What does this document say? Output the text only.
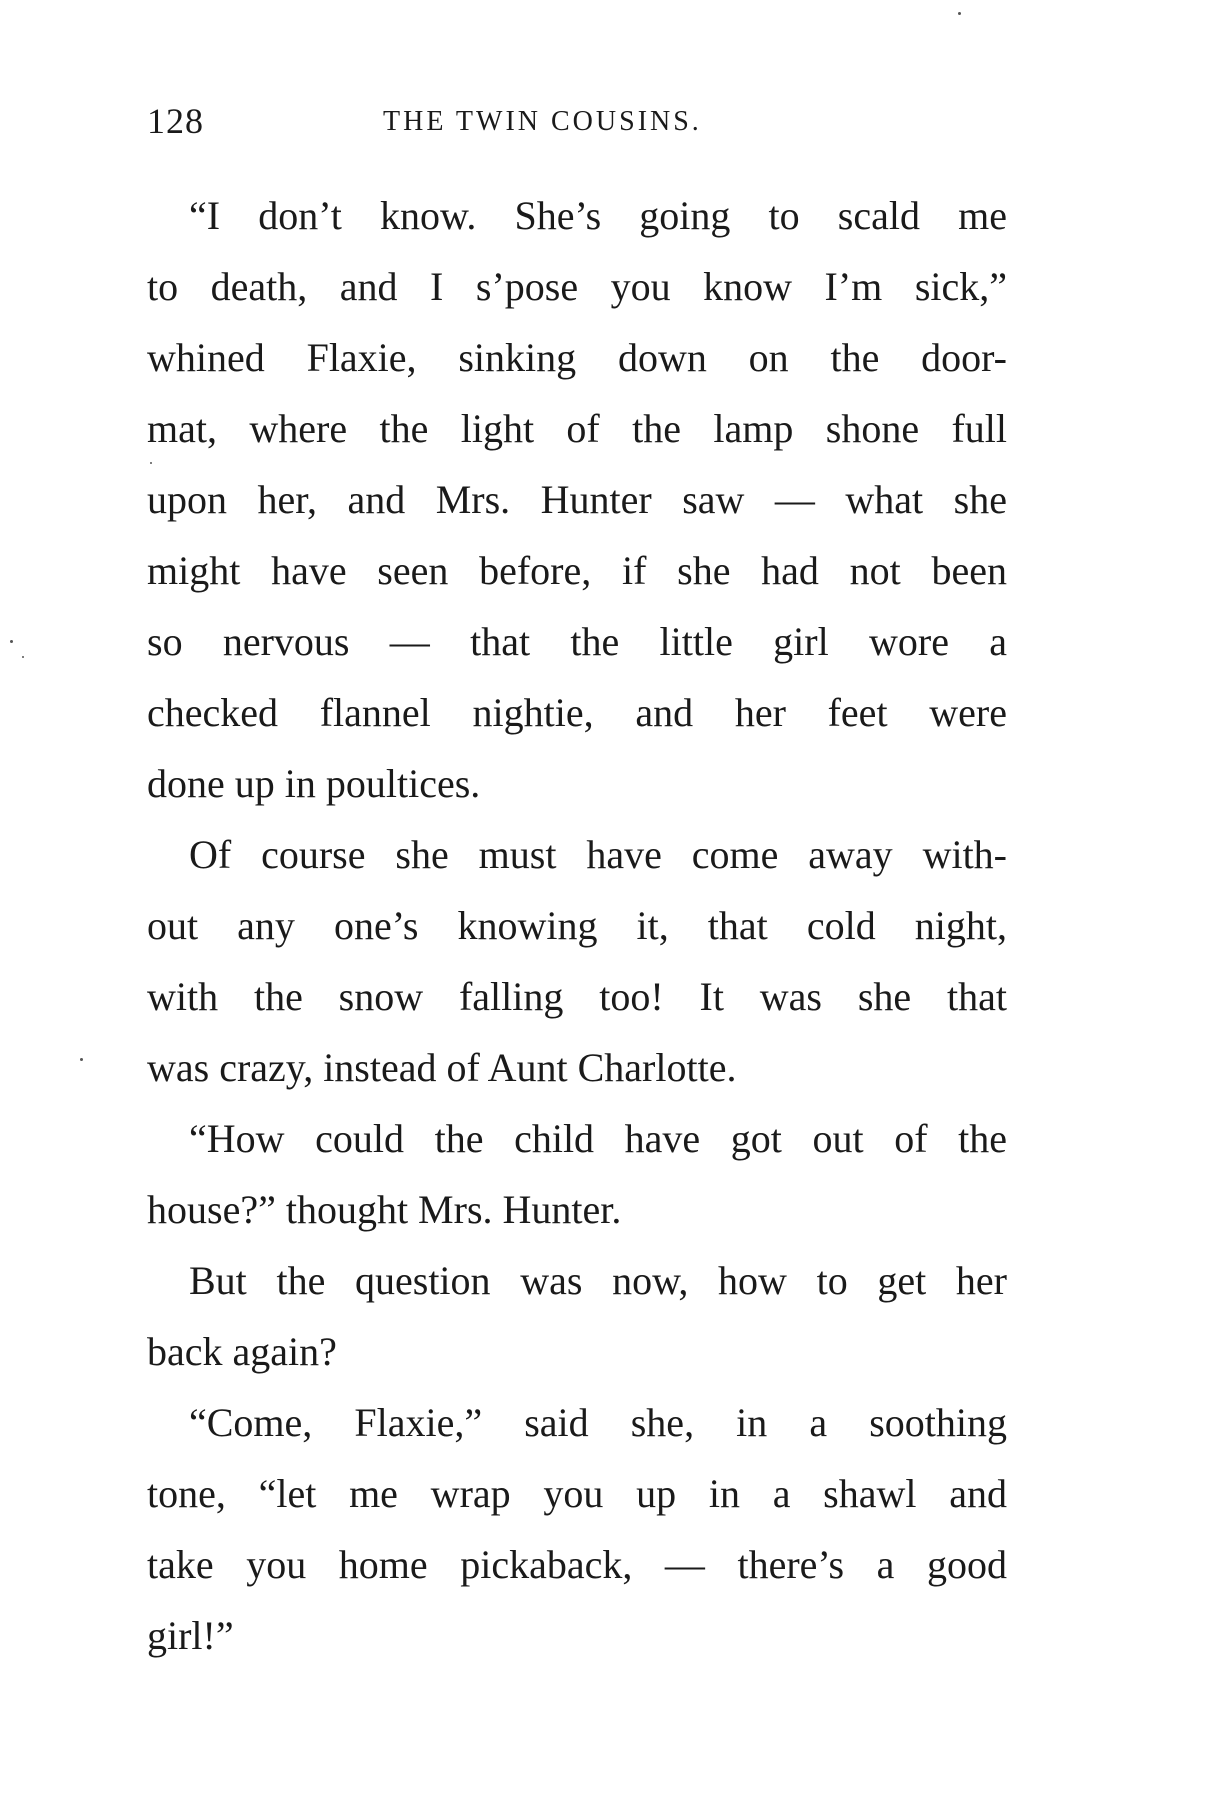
128	THE TWIN COUSINS.
“I don’t know. She’s going to scald me
to death, and I s’pose you know I’m sick,”
whined Flaxie, sinking down on the door-
mat, where the light of the lamp shone full
upon her, and Mrs. Hunter saw — what she
might have seen before, if she had not been
so nervous — that the little girl wore a
checked flannel nightie, and her feet were
done up in poultices.
Of course she must have come away with-
out any one’s knowing it, that cold night,
with the snow falling too! It was she that
was crazy, instead of Aunt Charlotte.
“How could the child have got out of the
house?” thought Mrs. Hunter.
But the question was now, how to get her
back again?
“Come, Flaxie,” said she, in a soothing
tone, “let me wrap you up in a shawl and
take you home pickaback, — there’s a good
girl!”
